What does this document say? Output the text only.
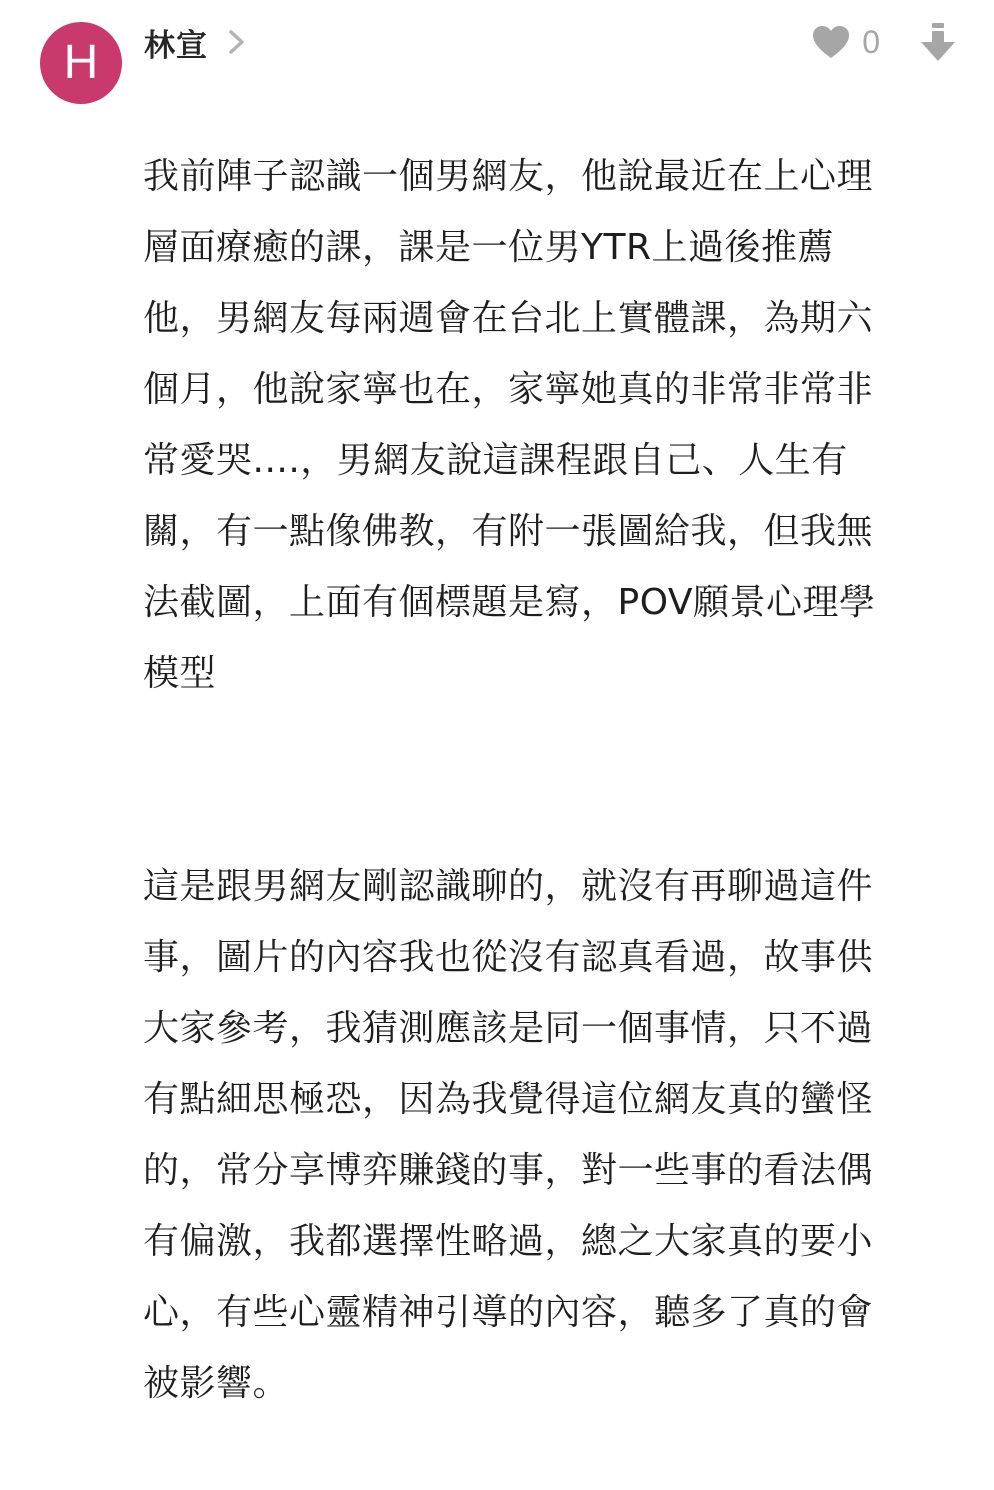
H 林宣	0

我前陣子認識一個男網友，他說最近在上心理
層面療癒的課，課是一位男YTR上過後推薦
他，男網友每兩週會在台北上實體課，為期六
個月，他說家寧也在，家寧她真的非常非常非
常愛哭....，男網友說這課程跟自己、人生有
關，有一點像佛教，有附一張圖給我，但我無
法截圖，上面有個標題是寫，POV願景心理學
模型

這是跟男網友剛認識聊的，就沒有再聊過這件
事，圖片的內容我也從沒有認真看過，故事供
大家參考，我猜測應該是同一個事情，只不過
有點細思極恐，因為我覺得這位網友真的蠻怪
的，常分享博弈賺錢的事，對一些事的看法偶
有偏激，我都選擇性略過，總之大家真的要小
心，有些心靈精神引導的內容，聽多了真的會
被影響。
